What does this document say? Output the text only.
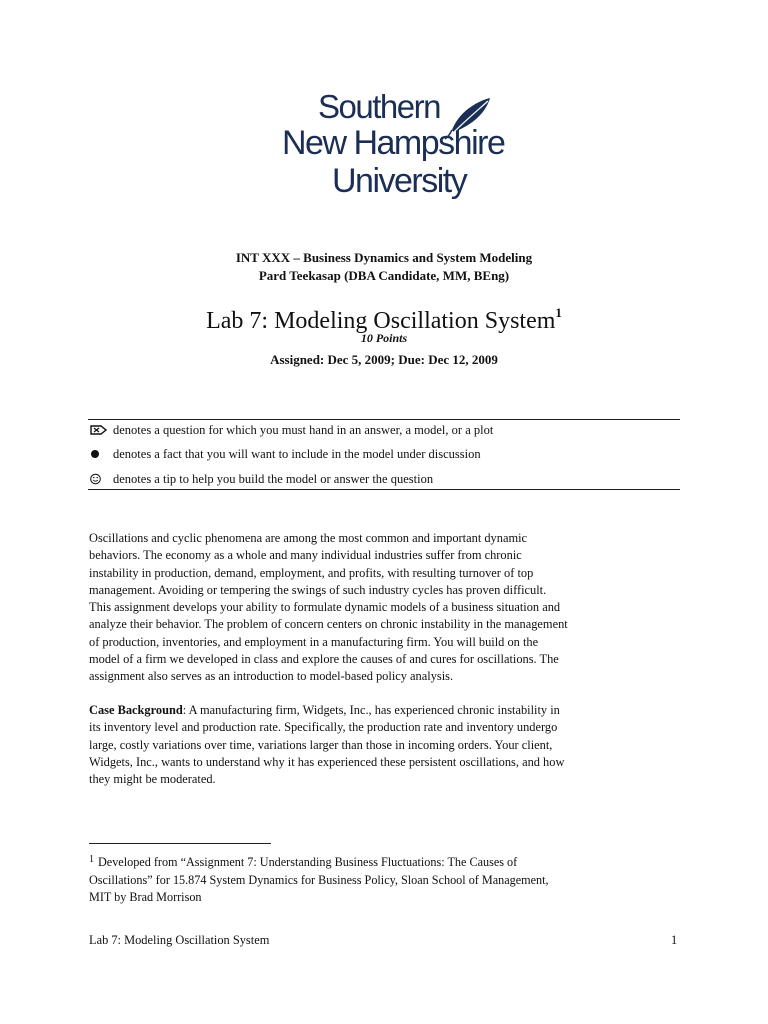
Southern
New Hampshire
University
INT XXX – Business Dynamics and System Modeling
Pard Teekasap (DBA Candidate, MM, BEng)
Lab 7: Modeling Oscillation System$^1$
10 Points
Assigned: Dec 5, 2009; Due: Dec 12, 2009
denotes a question for which you must hand in an answer, a model, or a plot
denotes a fact that you will want to include in the model under discussion
denotes a tip to help you build the model or answer the question
Oscillations and cyclic phenomena are among the most common and important dynamic
behaviors. The economy as a whole and many individual industries suffer from chronic
instability in production, demand, employment, and profits, with resulting turnover of top
management. Avoiding or tempering the swings of such industry cycles has proven difficult.
This assignment develops your ability to formulate dynamic models of a business situation and
analyze their behavior. The problem of concern centers on chronic instability in the management
of production, inventories, and employment in a manufacturing firm. You will build on the
model of a firm we developed in class and explore the causes of and cures for oscillations. The
assignment also serves as an introduction to model-based policy analysis.
Case Background: A manufacturing firm, Widgets, Inc., has experienced chronic instability in
its inventory level and production rate. Specifically, the production rate and inventory undergo
large, costly variations over time, variations larger than those in incoming orders. Your client,
Widgets, Inc., wants to understand why it has experienced these persistent oscillations, and how
they might be moderated.
$^1$ Developed from “Assignment 7: Understanding Business Fluctuations: The Causes of
Oscillations” for 15.874 System Dynamics for Business Policy, Sloan School of Management,
MIT by Brad Morrison
Lab 7: Modeling Oscillation System	1
